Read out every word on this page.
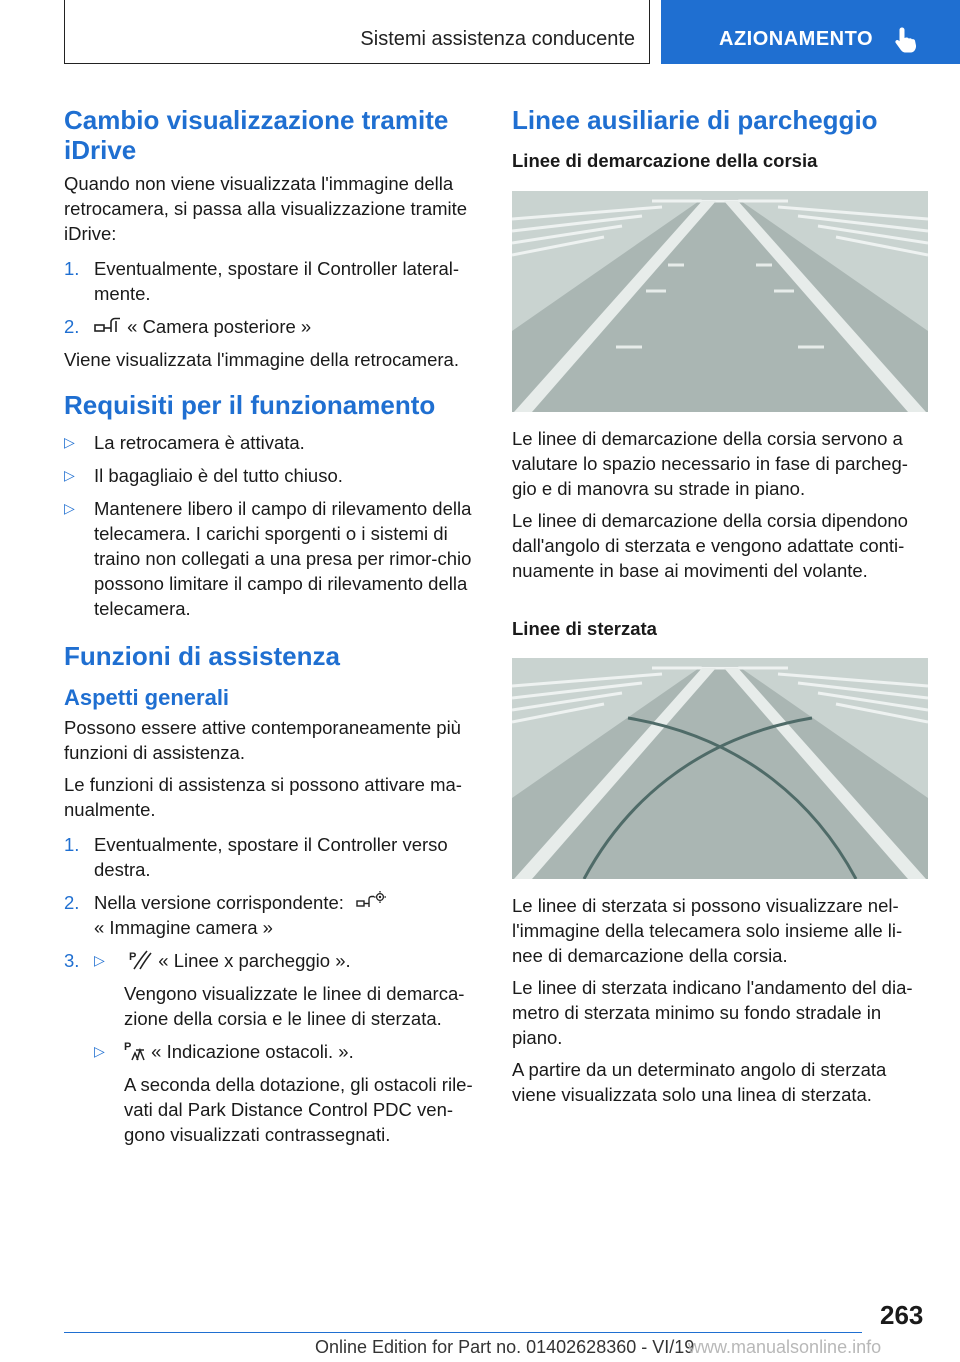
Sistemi assistenza conducente	AZIONAMENTO
Cambio visualizzazione tramite
iDrive
Quando non viene visualizzata l'immagine della retrocamera, si passa alla visualizzazione tramite iDrive:
1. Eventualmente, spostare il Controller lateral-mente.
2.	« Camera posteriore »
Viene visualizzata l'immagine della retrocamera.
Requisiti per il funzionamento
▷ La retrocamera è attivata.
▷ Il bagagliaio è del tutto chiuso.
▷ Mantenere libero il campo di rilevamento della telecamera. I carichi sporgenti o i sistemi di traino non collegati a una presa per rimor-chio possono limitare il campo di rilevamento della telecamera.
Funzioni di assistenza
Aspetti generali
Possono essere attive contemporaneamente più funzioni di assistenza.
Le funzioni di assistenza si possono attivare ma-nualmente.
1. Eventualmente, spostare il Controller verso destra.
2. Nella versione corrispondente:
« Immagine camera »
3. ▷
P « Linee x parcheggio ».
Vengono visualizzate le linee di demarca-zione della corsia e le linee di sterzata.
▷ P « Indicazione ostacoli. ».
A seconda della dotazione, gli ostacoli rile-vati dal Park Distance Control PDC ven-gono visualizzati contrassegnati.
Linee ausiliarie di parcheggio
Linee di demarcazione della corsia
Le linee di demarcazione della corsia servono a valutare lo spazio necessario in fase di parcheg-gio e di manovra su strade in piano.
Le linee di demarcazione della corsia dipendono dall'angolo di sterzata e vengono adattate conti-nuamente in base ai movimenti del volante.
Linee di sterzata
Le linee di sterzata si possono visualizzare nel-l'immagine della telecamera solo insieme alle li-nee di demarcazione della corsia.
Le linee di sterzata indicano l'andamento del dia-metro di sterzata minimo su fondo stradale in piano.
A partire da un determinato angolo di sterzata viene visualizzata solo una linea di sterzata.
263
Online Edition for Part no. 01402628360 - VI/19
www.manualsonline.info
